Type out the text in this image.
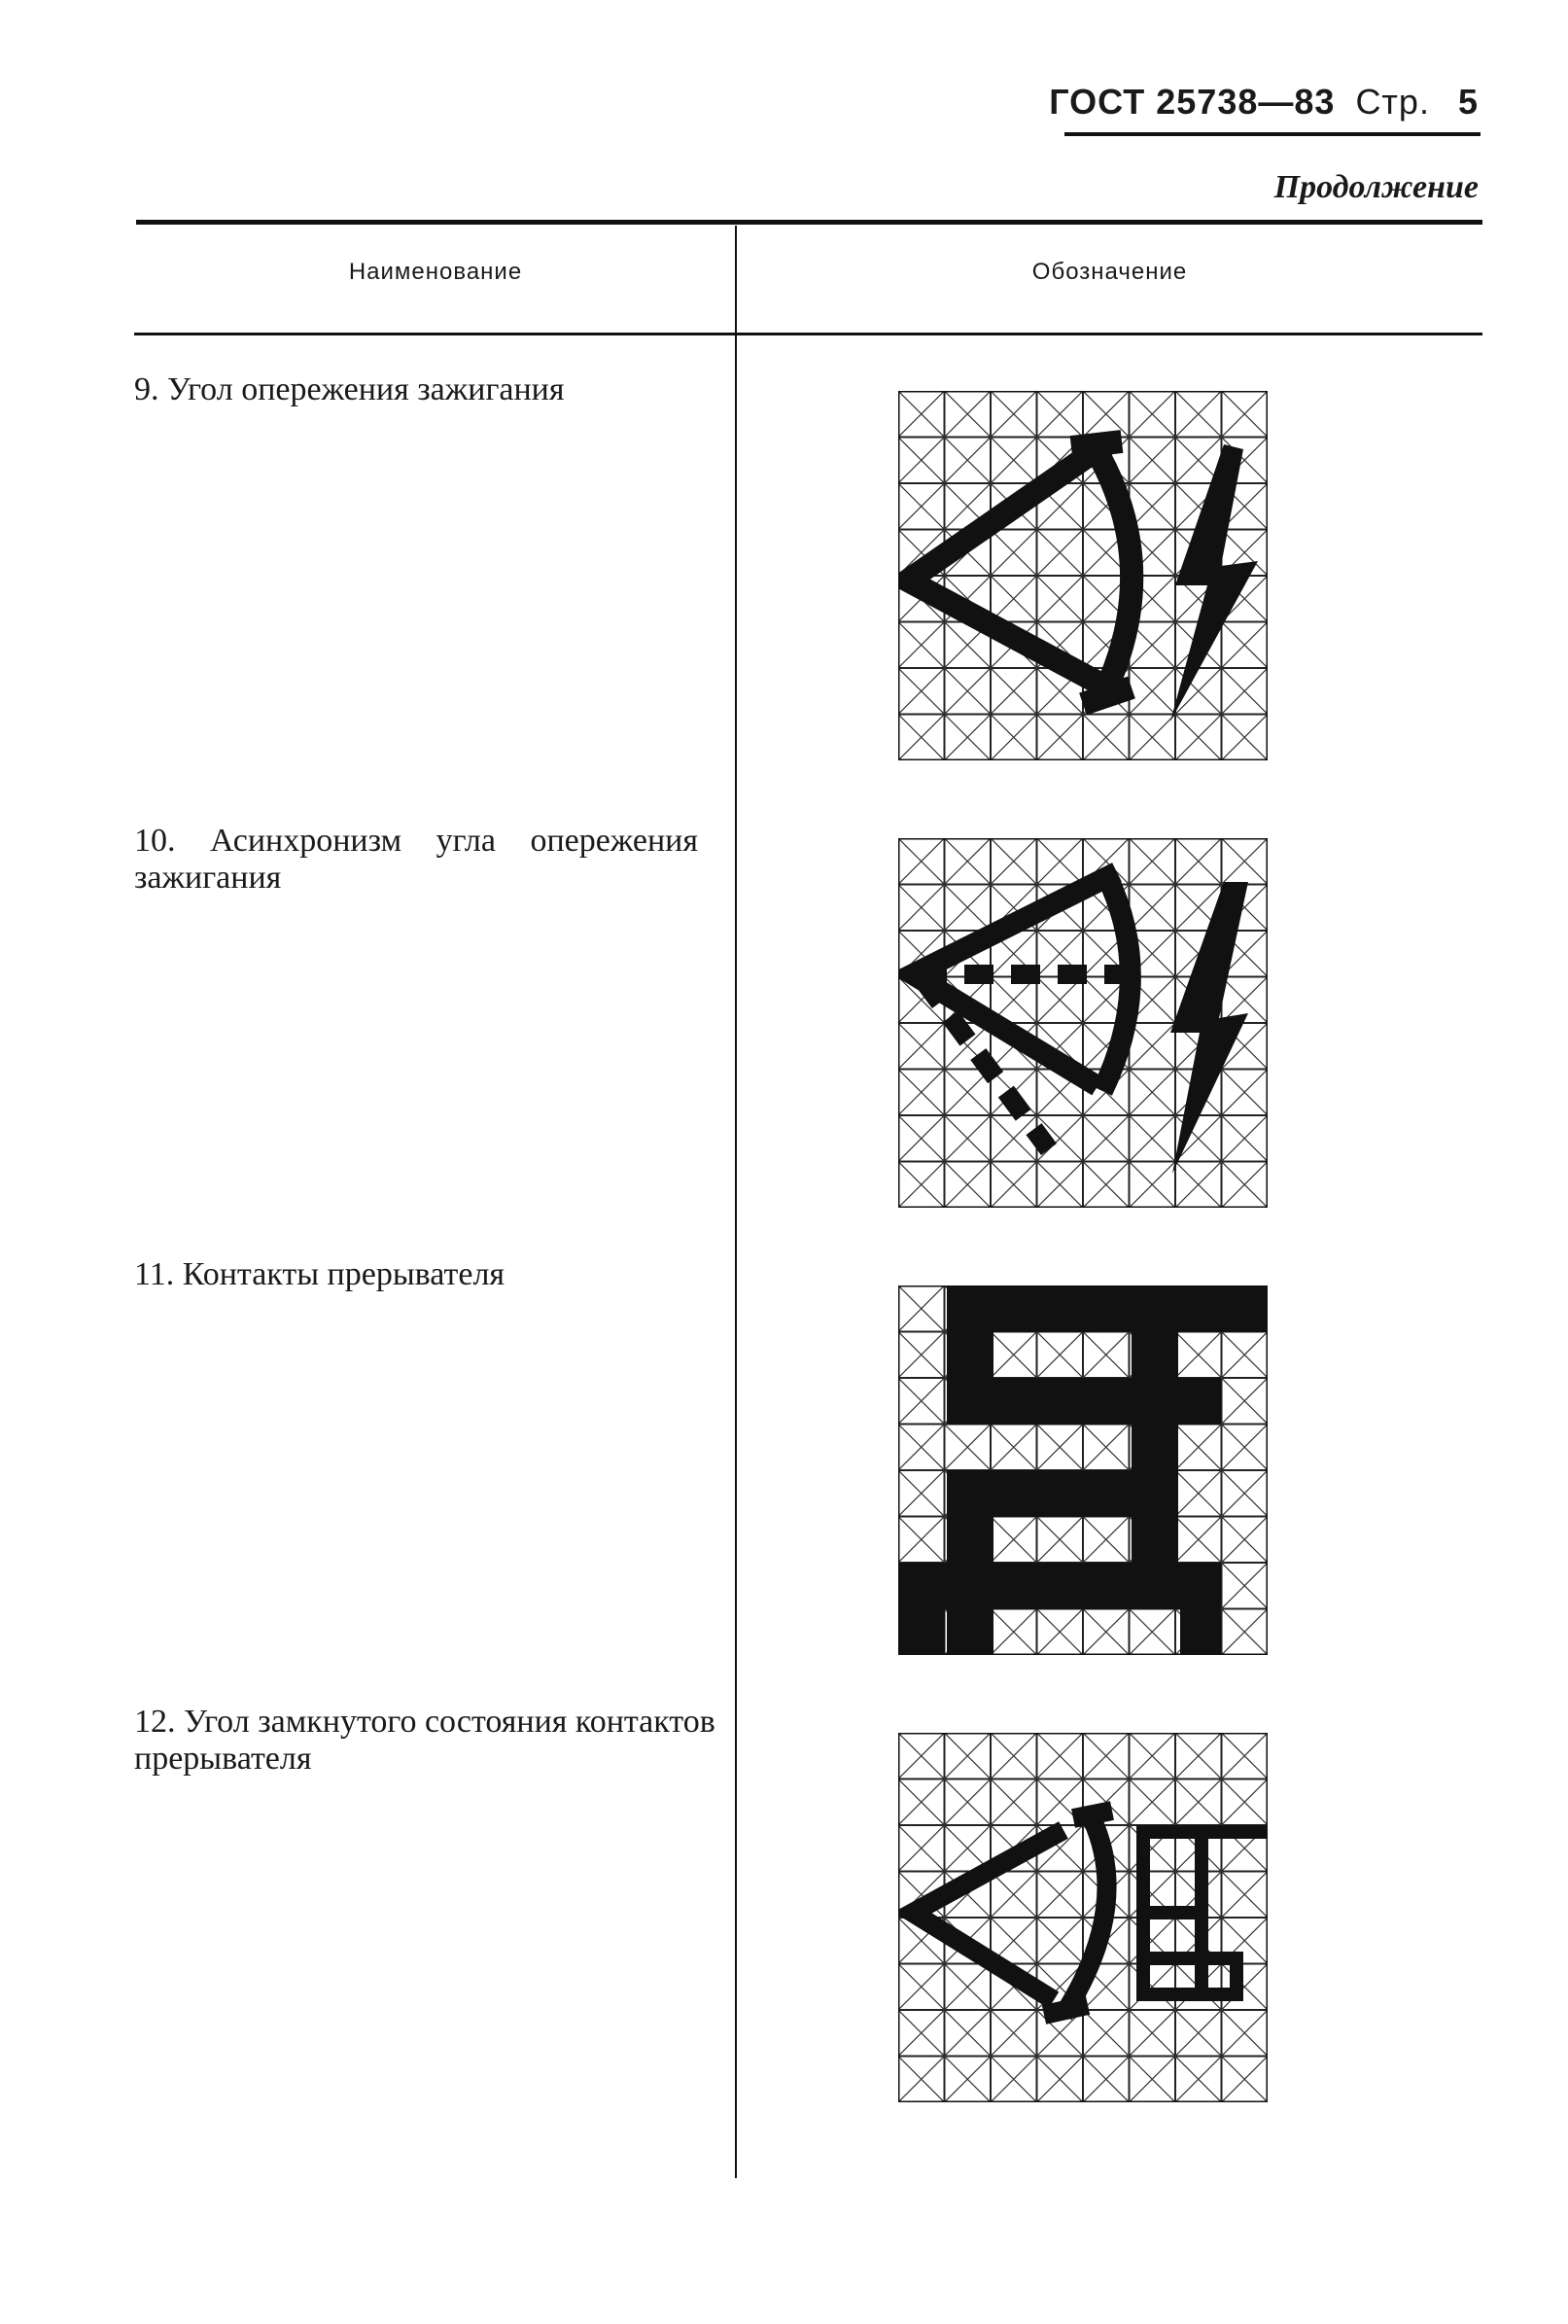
ГОСТ 25738—83 Стр. 5
Продолжение
Наименование	Обозначение
9. Угол опережения зажигания
10. Асинхронизм угла опережения зажигания
11. Контакты прерывателя
12. Угол замкнутого состояния контактов прерывателя
